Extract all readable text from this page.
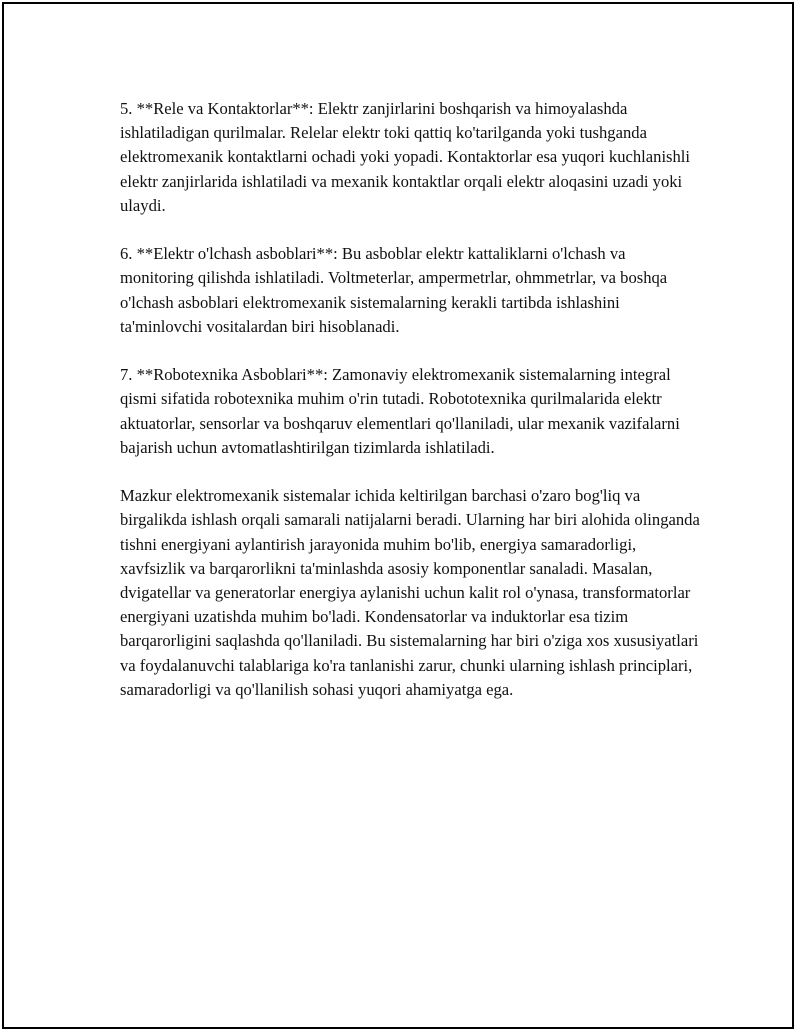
5. **Rele va Kontaktorlar**: Elektr zanjirlarini boshqarish va himoyalashda ishlatiladigan qurilmalar. Relelar elektr toki qattiq ko'tarilganda yoki tushganda elektromexanik kontaktlarni ochadi yoki yopadi. Kontaktorlar esa yuqori kuchlanishli elektr zanjirlarida ishlatiladi va mexanik kontaktlar orqali elektr aloqasini uzadi yoki ulaydi.

6. **Elektr o'lchash asboblari**: Bu asboblar elektr kattaliklarni o'lchash va monitoring qilishda ishlatiladi. Voltmeterlar, ampermetrlar, ohmmetrlar, va boshqa o'lchash asboblari elektromexanik sistemalarning kerakli tartibda ishlashini ta'minlovchi vositalardan biri hisoblanadi.

7. **Robotexnika Asboblari**: Zamonaviy elektromexanik sistemalarning integral qismi sifatida robotexnika muhim o'rin tutadi. Robototexnika qurilmalarida elektr aktuatorlar, sensorlar va boshqaruv elementlari qo'llaniladi, ular mexanik vazifalarni bajarish uchun avtomatlashtirilgan tizimlarda ishlatiladi.

Mazkur elektromexanik sistemalar ichida keltirilgan barchasi o'zaro bog'liq va birgalikda ishlash orqali samarali natijalarni beradi. Ularning har biri alohida olinganda tishni energiyani aylantirish jarayonida muhim bo'lib, energiya samaradorligi, xavfsizlik va barqarorlikni ta'minlashda asosiy komponentlar sanaladi. Masalan, dvigatellar va generatorlar energiya aylanishi uchun kalit rol o'ynasa, transformatorlar energiyani uzatishda muhim bo'ladi. Kondensatorlar va induktorlar esa tizim barqarorligini saqlashda qo'llaniladi. Bu sistemalarning har biri o'ziga xos xususiyatlari va foydalanuvchi talablariga ko'ra tanlanishi zarur, chunki ularning ishlash principlari, samaradorligi va qo'llanilish sohasi yuqori ahamiyatga ega.
